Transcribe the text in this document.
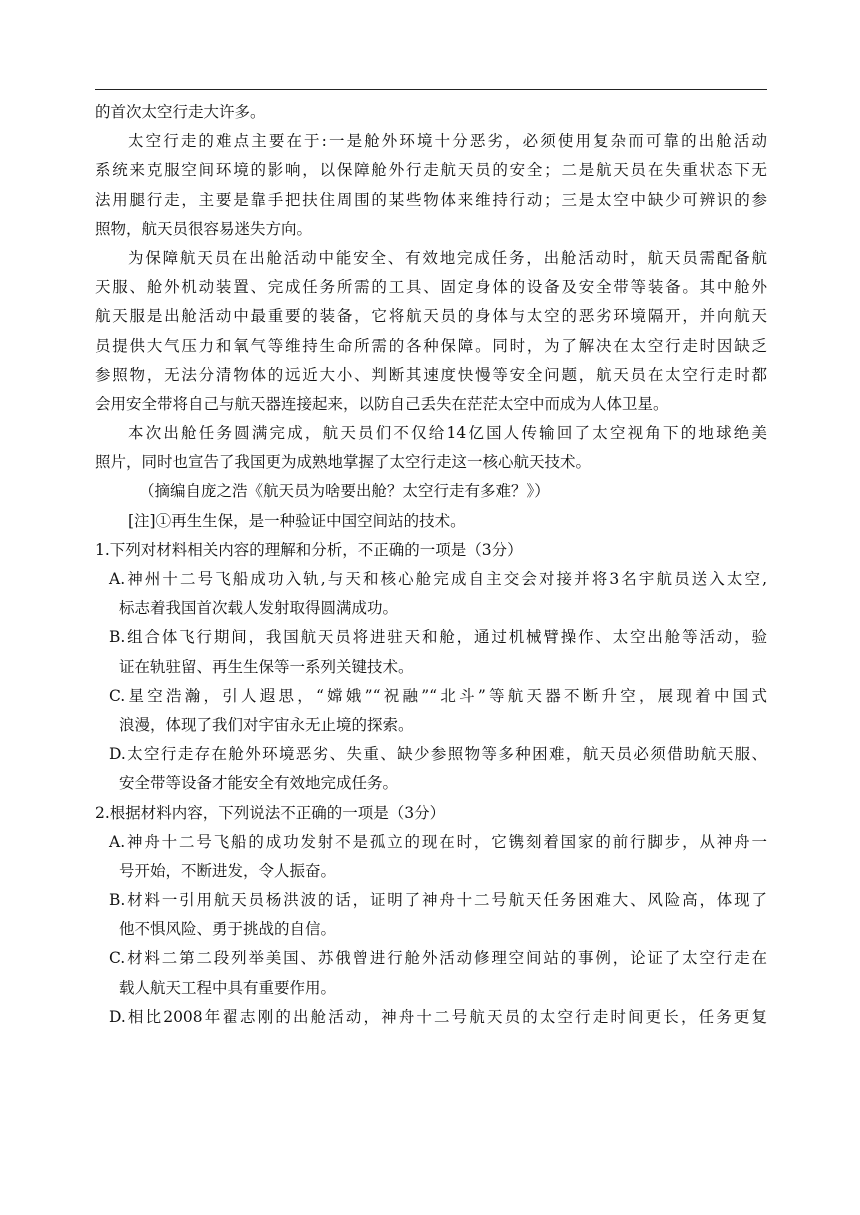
的首次太空行走大许多。
太空行走的难点主要在于:一是舱外环境十分恶劣，必须使用复杂而可靠的出舱活动
系统来克服空间环境的影响，以保障舱外行走航天员的安全；二是航天员在失重状态下无
法用腿行走，主要是靠手把扶住周围的某些物体来维持行动；三是太空中缺少可辨识的参
照物，航天员很容易迷失方向。
为保障航天员在出舱活动中能安全、有效地完成任务，出舱活动时，航天员需配备航
天服、舱外机动装置、完成任务所需的工具、固定身体的设备及安全带等装备。其中舱外
航天服是出舱活动中最重要的装备，它将航天员的身体与太空的恶劣环境隔开，并向航天
员提供大气压力和氧气等维持生命所需的各种保障。同时，为了解决在太空行走时因缺乏
参照物，无法分清物体的远近大小、判断其速度快慢等安全问题，航天员在太空行走时都
会用安全带将自己与航天器连接起来，以防自己丢失在茫茫太空中而成为人体卫星。
本次出舱任务圆满完成，航天员们不仅给14亿国人传输回了太空视角下的地球绝美
照片，同时也宣告了我国更为成熟地掌握了太空行走这一核心航天技术。
（摘编自庞之浩《航天员为啥要出舱？太空行走有多难？》）
[注]①再生生保，是一种验证中国空间站的技术。
1.下列对材料相关内容的理解和分析，不正确的一项是（3分）
A.神州十二号飞船成功入轨,与天和核心舱完成自主交会对接并将3名宇航员送入太空,
标志着我国首次载人发射取得圆满成功。
B.组合体飞行期间，我国航天员将进驻天和舱，通过机械臂操作、太空出舱等活动，验
证在轨驻留、再生生保等一系列关键技术。
C.星空浩瀚，引人遐思，“嫦娥”“祝融”“北斗”等航天器不断升空，展现着中国式
浪漫，体现了我们对宇宙永无止境的探索。
D.太空行走存在舱外环境恶劣、失重、缺少参照物等多种困难，航天员必须借助航天服、
安全带等设备才能安全有效地完成任务。
2.根据材料内容，下列说法不正确的一项是（3分）
A.神舟十二号飞船的成功发射不是孤立的现在时，它镌刻着国家的前行脚步，从神舟一
号开始，不断进发，令人振奋。
B.材料一引用航天员杨洪波的话，证明了神舟十二号航天任务困难大、风险高，体现了
他不惧风险、勇于挑战的自信。
C.材料二第二段列举美国、苏俄曾进行舱外活动修理空间站的事例，论证了太空行走在
载人航天工程中具有重要作用。
D.相比2008年翟志刚的出舱活动，神舟十二号航天员的太空行走时间更长，任务更复
